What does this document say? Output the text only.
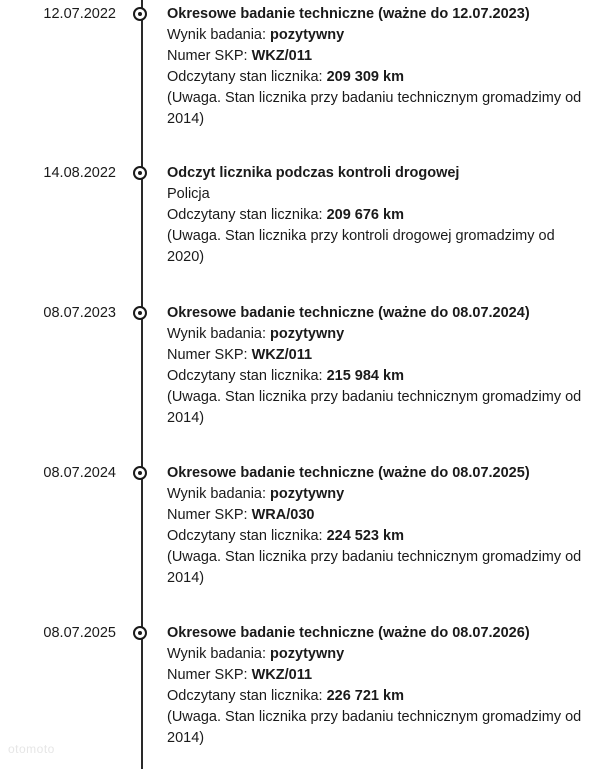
12.07.2022	Okresowe badanie techniczne (ważne do 12.07.2023)
Wynik badania: pozytywny
Numer SKP: WKZ/011
Odczytany stan licznika: 209 309 km
(Uwaga. Stan licznika przy badaniu technicznym gromadzimy od 2014)
14.08.2022	Odczyt licznika podczas kontroli drogowej
Policja
Odczytany stan licznika: 209 676 km
(Uwaga. Stan licznika przy kontroli drogowej gromadzimy od 2020)
08.07.2023	Okresowe badanie techniczne (ważne do 08.07.2024)
Wynik badania: pozytywny
Numer SKP: WKZ/011
Odczytany stan licznika: 215 984 km
(Uwaga. Stan licznika przy badaniu technicznym gromadzimy od 2014)
08.07.2024	Okresowe badanie techniczne (ważne do 08.07.2025)
Wynik badania: pozytywny
Numer SKP: WRA/030
Odczytany stan licznika: 224 523 km
(Uwaga. Stan licznika przy badaniu technicznym gromadzimy od 2014)
08.07.2025	Okresowe badanie techniczne (ważne do 08.07.2026)
Wynik badania: pozytywny
Numer SKP: WKZ/011
Odczytany stan licznika: 226 721 km
(Uwaga. Stan licznika przy badaniu technicznym gromadzimy od 2014)
otomoto
